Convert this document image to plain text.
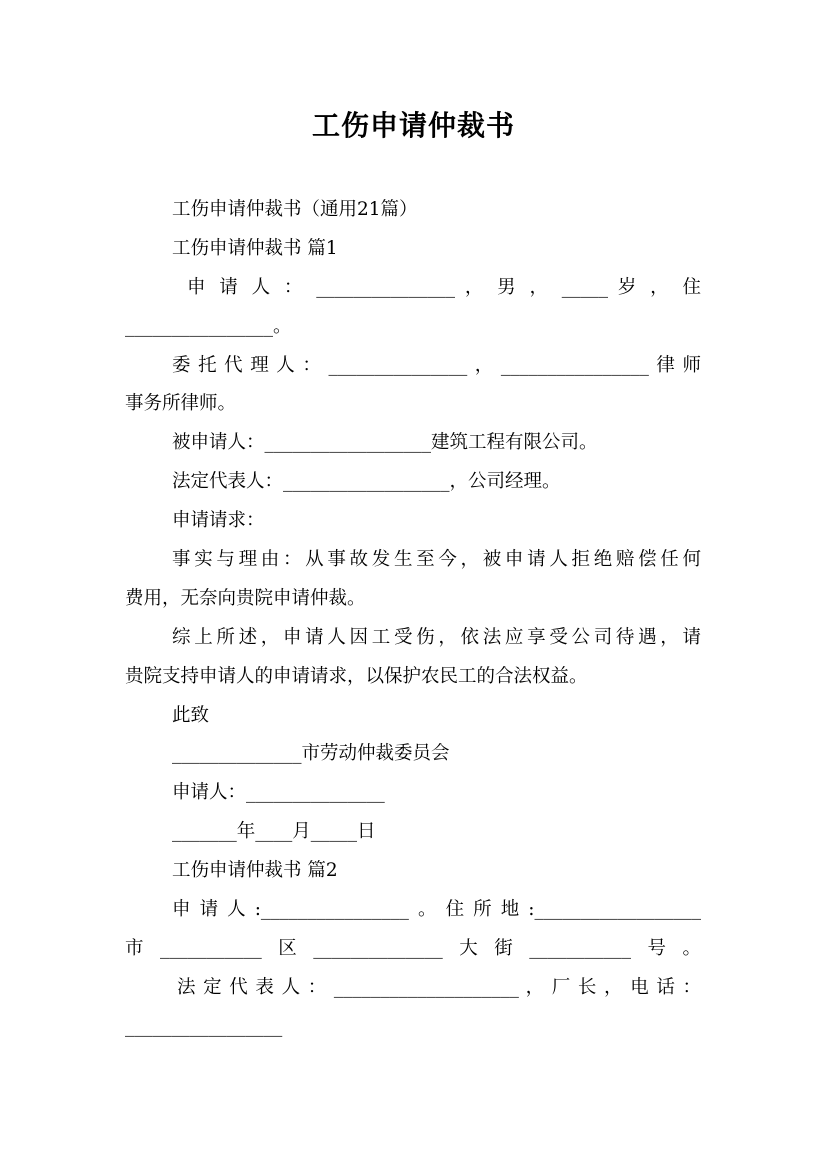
工伤申请仲裁书
工伤申请仲裁书（通用21篇）
工伤申请仲裁书 篇1
申 请 人 ： _______________ ， 男 ， _____ 岁 ， 住
________________。
委托代理人：_______________，________________律师
事务所律师。
被申请人：__________________建筑工程有限公司。
法定代表人：__________________，公司经理。
申请请求：
事实与理由：从事故发生至今，被申请人拒绝赔偿任何
费用，无奈向贵院申请仲裁。
综上所述，申请人因工受伤，依法应享受公司待遇，请
贵院支持申请人的申请请求，以保护农民工的合法权益。
此致
______________市劳动仲裁委员会
申请人：_______________
_______年____月_____日
工伤申请仲裁书 篇2
申请人:________________。住所地:__________________
市___________区______________大街___________号。
法 定 代 表 人 ： ____________________ ， 厂 长 ， 电 话 ：
_________________
